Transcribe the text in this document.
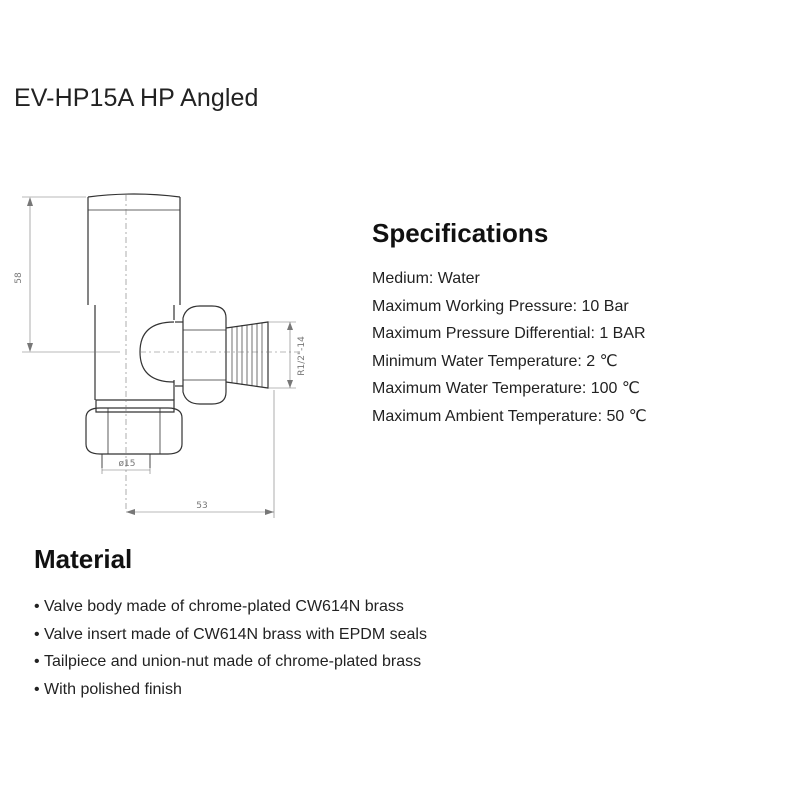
EV-HP15A HP Angled
58
R1/2"-14
ø15
53
Specifications
Medium: Water
Maximum Working Pressure: 10 Bar
Maximum Pressure Differential: 1 BAR
Minimum Water Temperature: 2 ℃
Maximum Water Temperature: 100 ℃
Maximum Ambient Temperature: 50 ℃
Material
• Valve body made of chrome-plated CW614N brass
• Valve insert made of CW614N brass with EPDM seals
• Tailpiece and union-nut made of chrome-plated brass
• With polished finish
